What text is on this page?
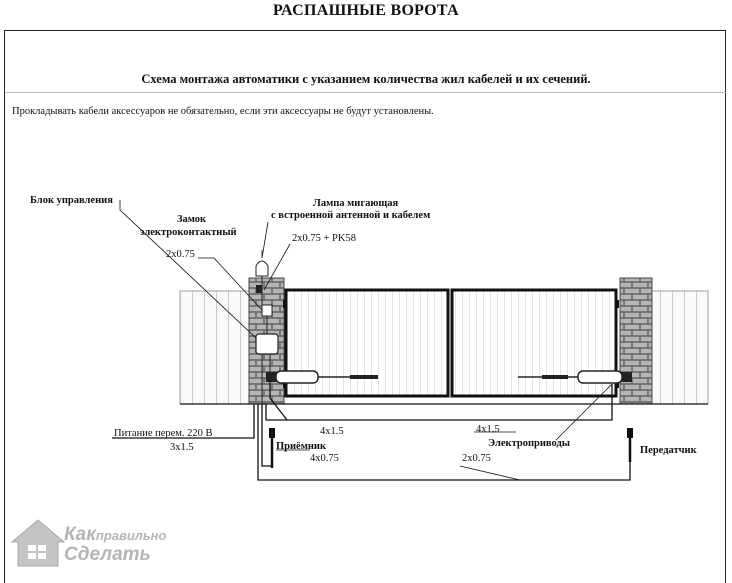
РАСПАШНЫЕ ВОРОТА
Схема монтажа автоматики с указанием количества жил кабелей и их сечений.
Прокладывать кабели аксессуаров не обязательно, если эти аксессуары не будут установлены.
Блок управления
Замок
электроконтактный
2x0.75
Лампа мигающая
с встроенной антенной и кабелем
2x0.75 + PK58
Питание перем. 220 В
3x1.5
4x1.5	4x1.5
Приёмник
4x0.75
Электроприводы
Передатчик
2x0.75
Какправильно
Сделать
